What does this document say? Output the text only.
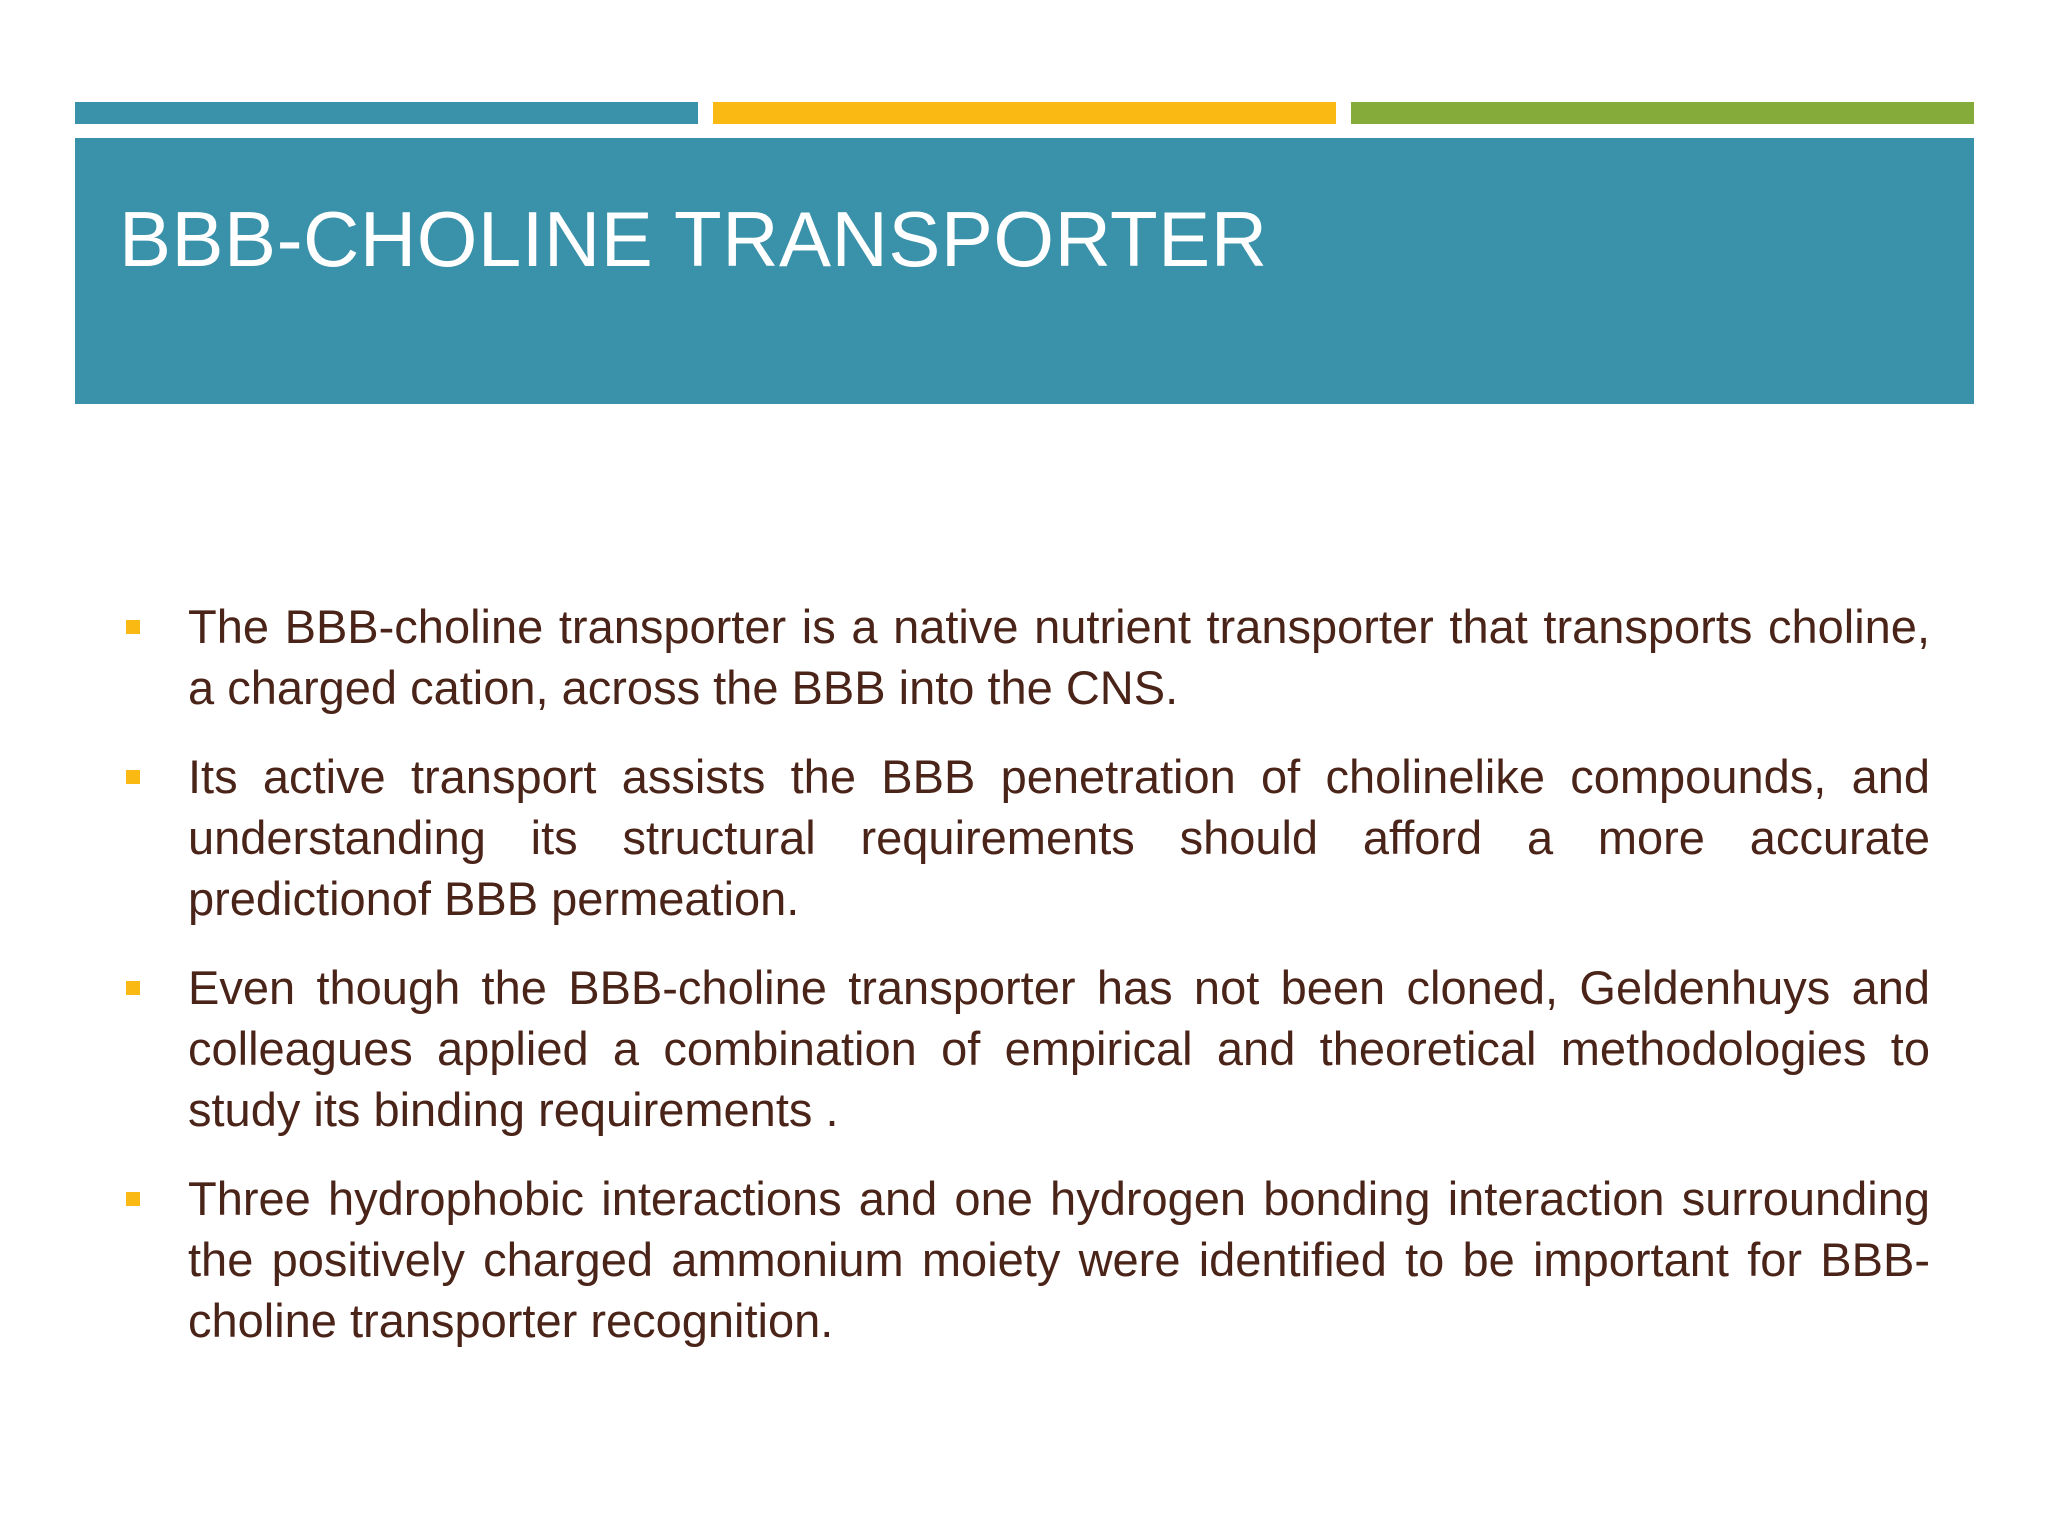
BBB-CHOLINE TRANSPORTER
The BBB-choline transporter is a native nutrient transporter that transports choline, a charged cation, across the BBB into the CNS.
Its active transport assists the BBB penetration of cholinelike compounds, and understanding its structural requirements should afford a more accurate predictionof BBB permeation.
Even though the BBB-choline transporter has not been cloned, Geldenhuys and colleagues applied a combination of empirical and theoretical methodologies to study its binding requirements .
Three hydrophobic interactions and one hydrogen bonding interaction surrounding the positively charged ammonium moiety were identified to be important for BBB-choline transporter recognition.
